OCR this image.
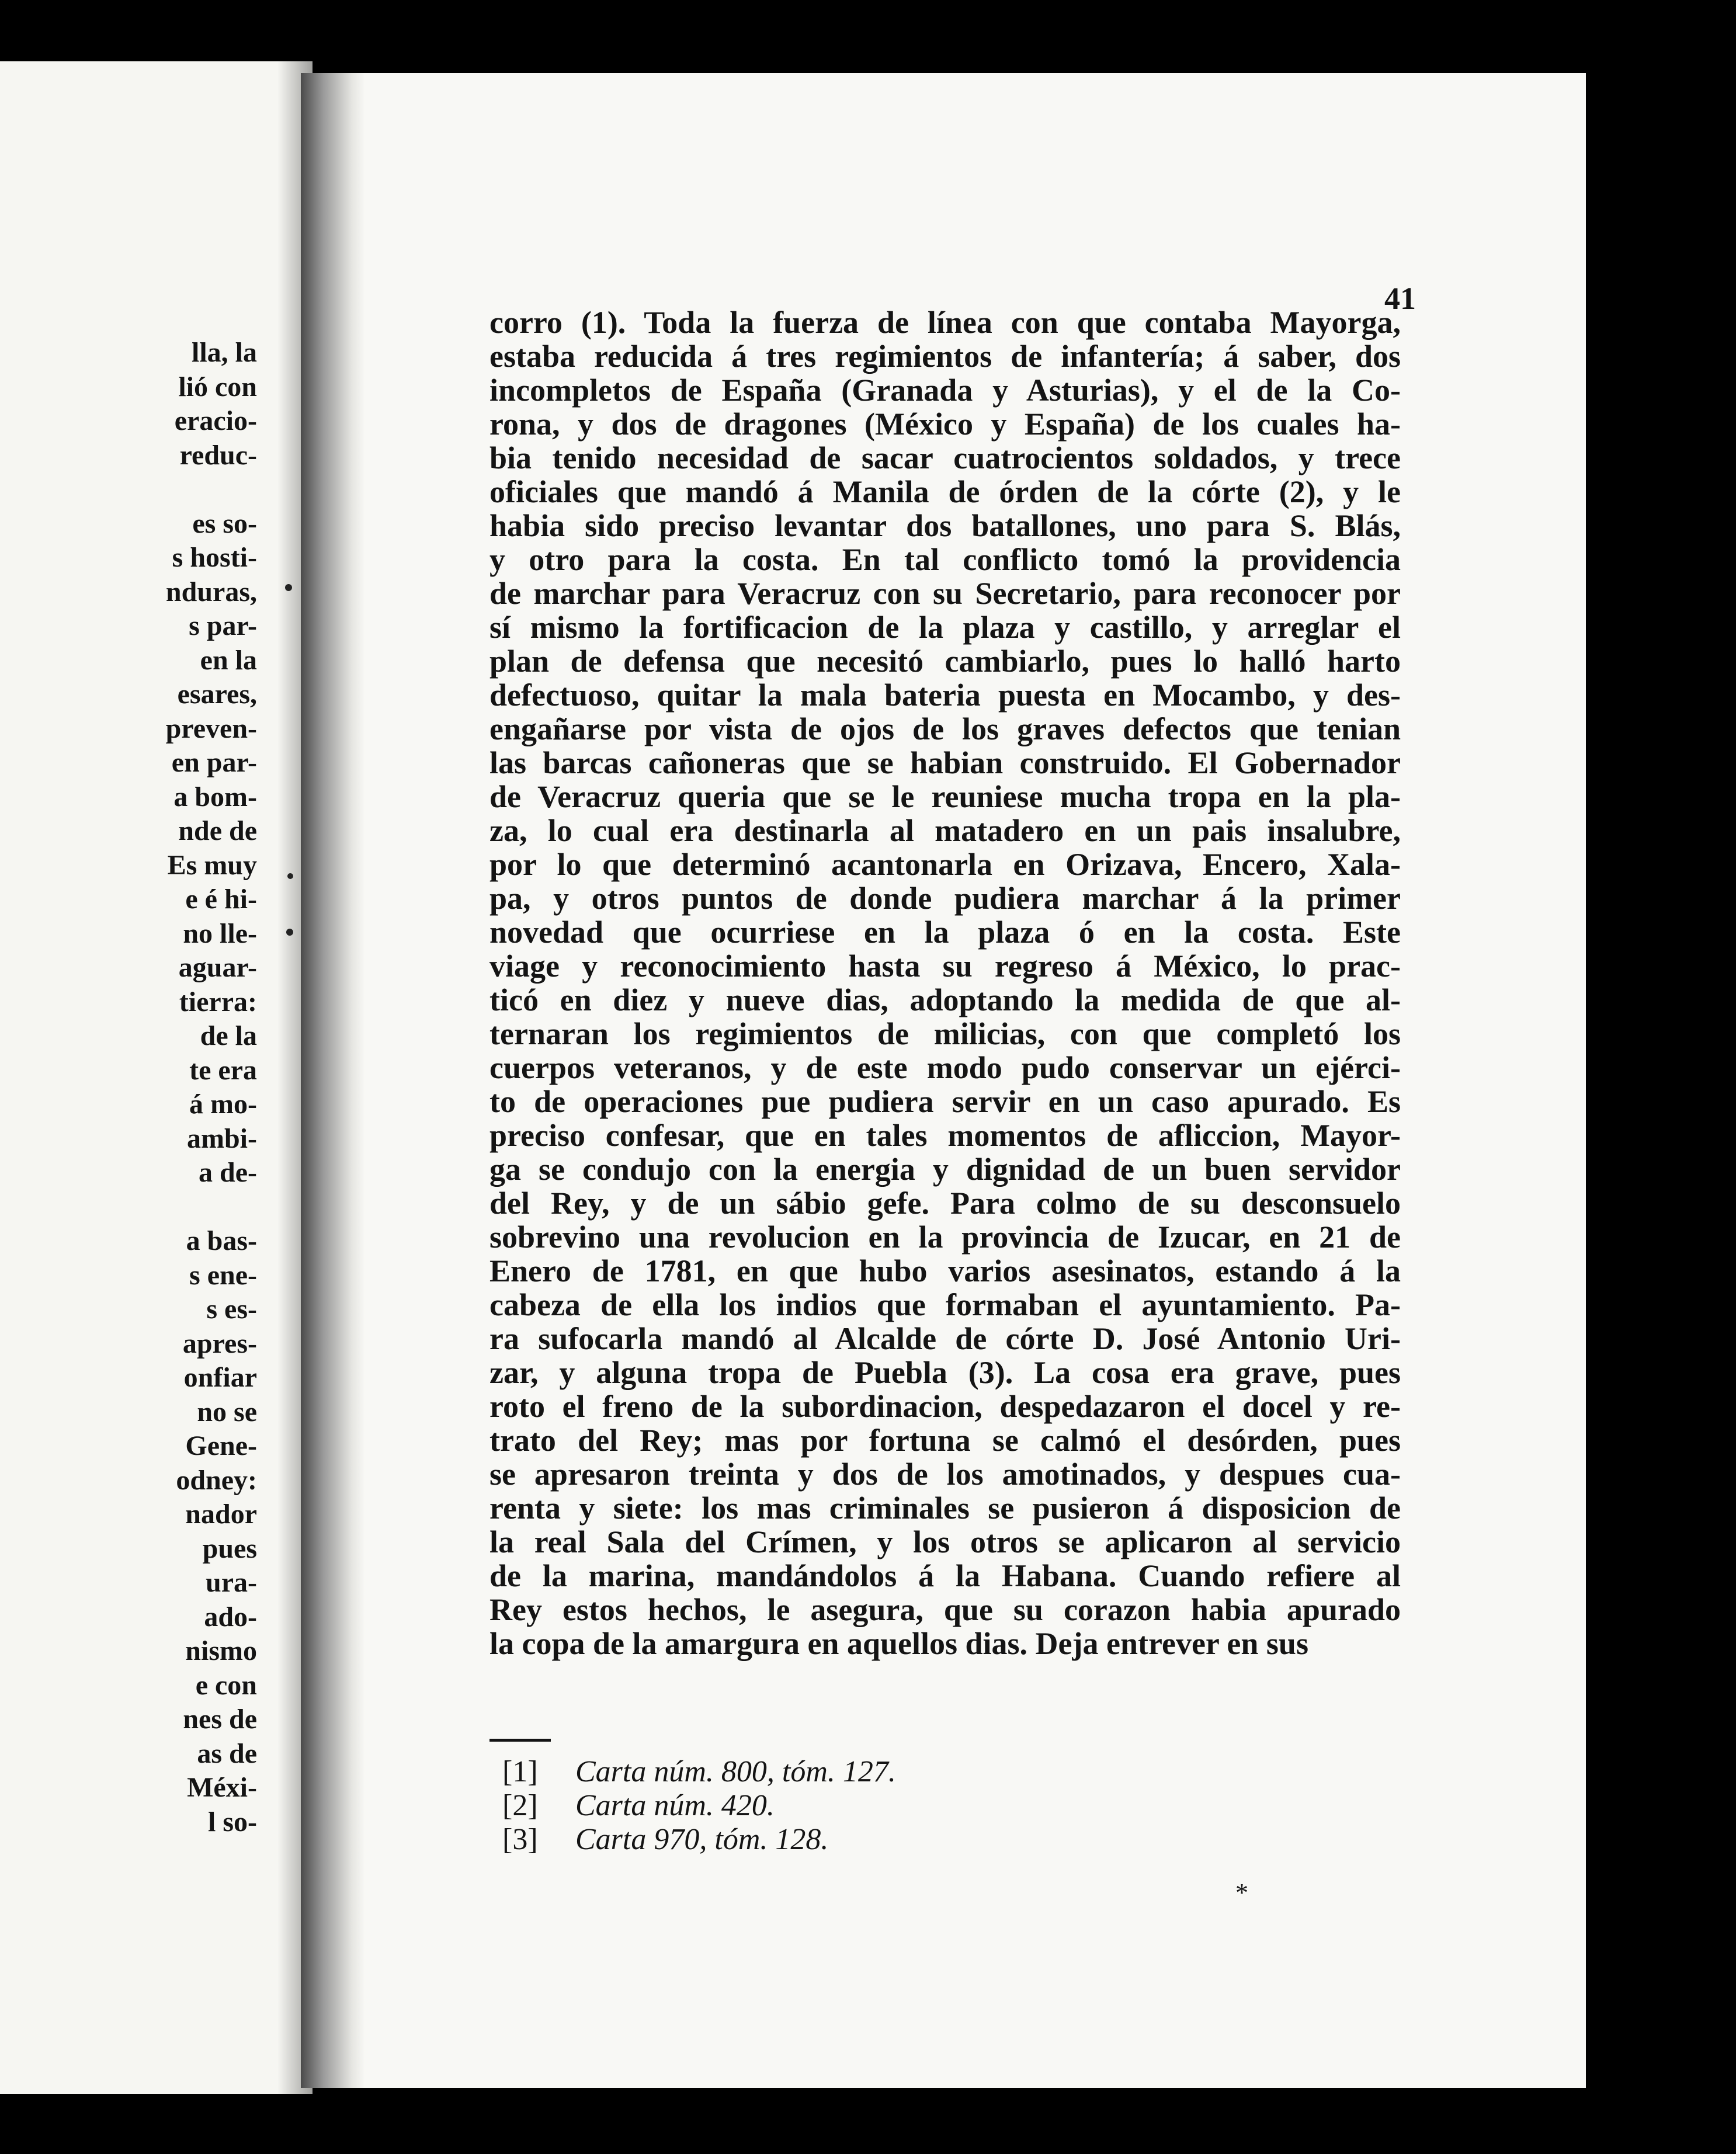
lla, la
lió con
eracio-
reduc-
es so-
s hosti-
nduras,
s par-
en la
esares,
preven-
en par-
a bom-
nde de
Es muy
e é hi-
no lle-
aguar-
tierra:
de la
te era
á mo-
ambi-
a de-
a bas-
s ene-
s es-
apres-
onfiar
no se
Gene-
odney:
nador
pues
ura-
ado-
nismo
e con
nes de
as de
Méxi-
l so-
41
corro (1). Toda la fuerza de línea con que contaba Mayorga,
estaba reducida á tres regimientos de infantería; á saber, dos
incompletos de España (Granada y Asturias), y el de la Co-
rona, y dos de dragones (México y España) de los cuales ha-
bia tenido necesidad de sacar cuatrocientos soldados, y trece
oficiales que mandó á Manila de órden de la córte (2), y le
habia sido preciso levantar dos batallones, uno para S. Blás,
y otro para la costa. En tal conflicto tomó la providencia
de marchar para Veracruz con su Secretario, para reconocer por
sí mismo la fortificacion de la plaza y castillo, y arreglar el
plan de defensa que necesitó cambiarlo, pues lo halló harto
defectuoso, quitar la mala bateria puesta en Mocambo, y des-
engañarse por vista de ojos de los graves defectos que tenian
las barcas cañoneras que se habian construido. El Gobernador
de Veracruz queria que se le reuniese mucha tropa en la pla-
za, lo cual era destinarla al matadero en un pais insalubre,
por lo que determinó acantonarla en Orizava, Encero, Xala-
pa, y otros puntos de donde pudiera marchar á la primer
novedad que ocurriese en la plaza ó en la costa. Este
viage y reconocimiento hasta su regreso á México, lo prac-
ticó en diez y nueve dias, adoptando la medida de que al-
ternaran los regimientos de milicias, con que completó los
cuerpos veteranos, y de este modo pudo conservar un ejérci-
to de operaciones pue pudiera servir en un caso apurado. Es
preciso confesar, que en tales momentos de afliccion, Mayor-
ga se condujo con la energia y dignidad de un buen servidor
del Rey, y de un sábio gefe. Para colmo de su desconsuelo
sobrevino una revolucion en la provincia de Izucar, en 21 de
Enero de 1781, en que hubo varios asesinatos, estando á la
cabeza de ella los indios que formaban el ayuntamiento. Pa-
ra sufocarla mandó al Alcalde de córte D. José Antonio Uri-
zar, y alguna tropa de Puebla (3). La cosa era grave, pues
roto el freno de la subordinacion, despedazaron el docel y re-
trato del Rey; mas por fortuna se calmó el desórden, pues
se apresaron treinta y dos de los amotinados, y despues cua-
renta y siete: los mas criminales se pusieron á disposicion de
la real Sala del Crímen, y los otros se aplicaron al servicio
de la marina, mandándolos á la Habana. Cuando refiere al
Rey estos hechos, le asegura, que su corazon habia apurado
la copa de la amargura en aquellos dias. Deja entrever en sus
[1]	Carta núm. 800, tóm. 127.
[2]	Carta núm. 420.
[3]	Carta 970, tóm. 128.
*
